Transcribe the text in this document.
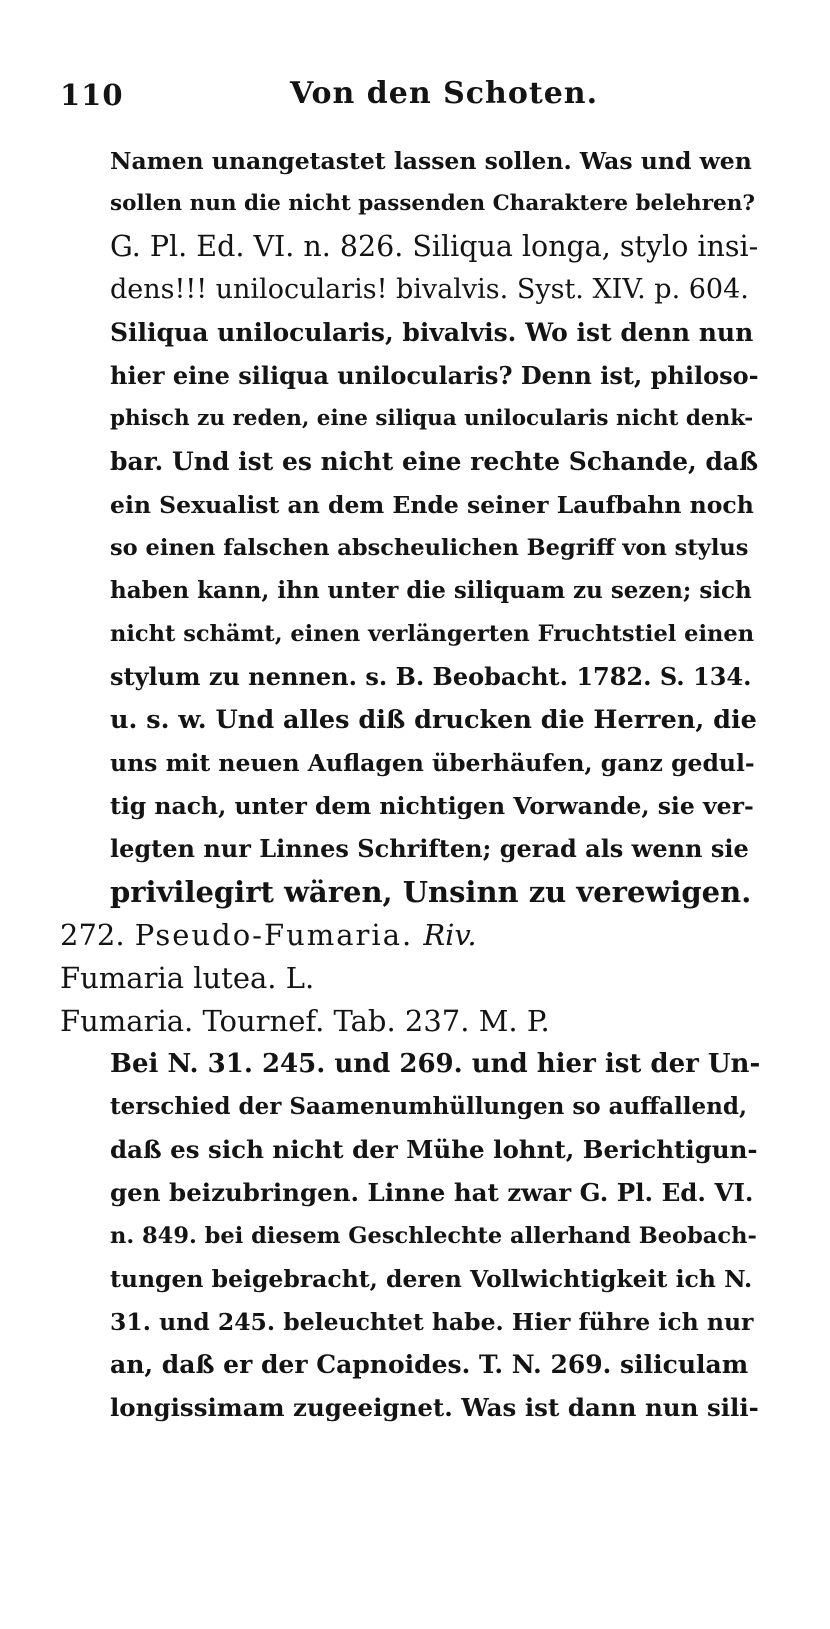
110	Von den Schoten.
Namen unangetastet lassen sollen. Was und wen
sollen nun die nicht passenden Charaktere belehren?
G. Pl. Ed. VI. n. 826. Siliqua longa, stylo insi-
dens!!! unilocularis! bivalvis. Syst. XIV. p. 604.
Siliqua unilocularis, bivalvis. Wo ist denn nun
hier eine siliqua unilocularis? Denn ist, philoso-
phisch zu reden, eine siliqua unilocularis nicht denk-
bar. Und ist es nicht eine rechte Schande, daß
ein Sexualist an dem Ende seiner Laufbahn noch
so einen falschen abscheulichen Begriff von stylus
haben kann, ihn unter die siliquam zu sezen; sich
nicht schämt, einen verlängerten Fruchtstiel einen
stylum zu nennen. s. B. Beobacht. 1782. S. 134.
u. s. w. Und alles diß drucken die Herren, die
uns mit neuen Auflagen überhäufen, ganz gedul-
tig nach, unter dem nichtigen Vorwande, sie ver-
legten nur Linnes Schriften; gerad als wenn sie
privilegirt wären, Unsinn zu verewigen.
272. Pseudo-Fumaria. Riv.
Fumaria lutea. L.
Fumaria. Tournef. Tab. 237. M. P.
Bei N. 31. 245. und 269. und hier ist der Un-
terschied der Saamenumhüllungen so auffallend,
daß es sich nicht der Mühe lohnt, Berichtigun-
gen beizubringen. Linne hat zwar G. Pl. Ed. VI.
n. 849. bei diesem Geschlechte allerhand Beobach-
tungen beigebracht, deren Vollwichtigkeit ich N.
31. und 245. beleuchtet habe. Hier führe ich nur
an, daß er der Capnoides. T. N. 269. siliculam
longissimam zugeeignet. Was ist dann nun sili-
